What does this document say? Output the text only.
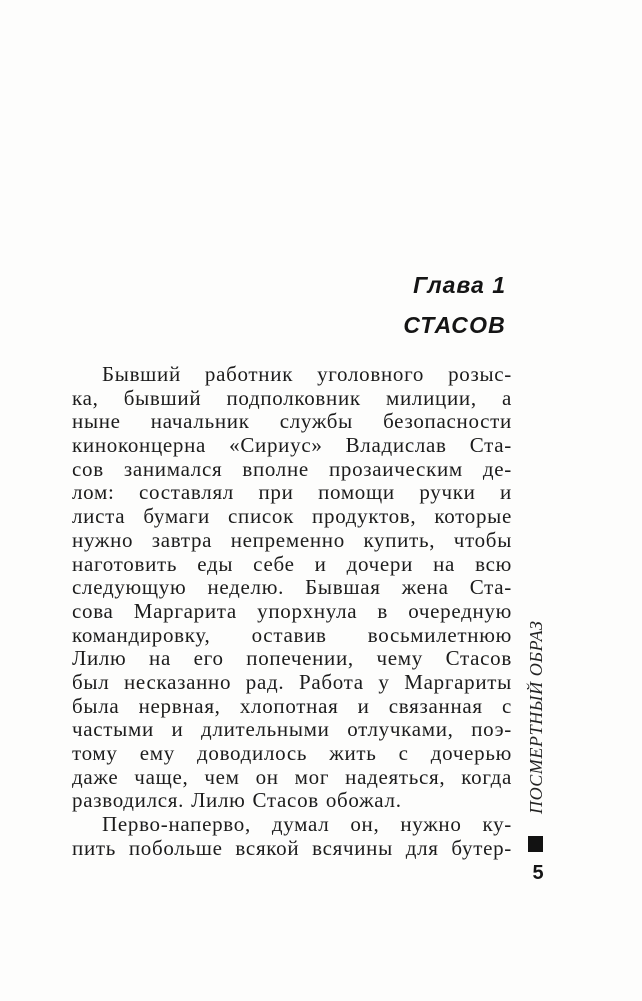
Глава 1
СТАСОВ
Бывший работник уголовного розыс-
ка, бывший подполковник милиции, а
ныне начальник службы безопасности
киноконцерна «Сириус» Владислав Ста-
сов занимался вполне прозаическим де-
лом: составлял при помощи ручки и
листа бумаги список продуктов, которые
нужно завтра непременно купить, чтобы
наготовить еды себе и дочери на всю
следующую неделю. Бывшая жена Ста-
сова Маргарита упорхнула в очередную
командировку, оставив восьмилетнюю
Лилю на его попечении, чему Стасов
был несказанно рад. Работа у Маргариты
была нервная, хлопотная и связанная с
частыми и длительными отлучками, поэ-
тому ему доводилось жить с дочерью
даже чаще, чем он мог надеяться, когда
разводился. Лилю Стасов обожал.
Перво-наперво, думал он, нужно ку-
пить побольше всякой всячины для бутер-
ПОСМЕРТНЫЙ ОБРАЗ
5
